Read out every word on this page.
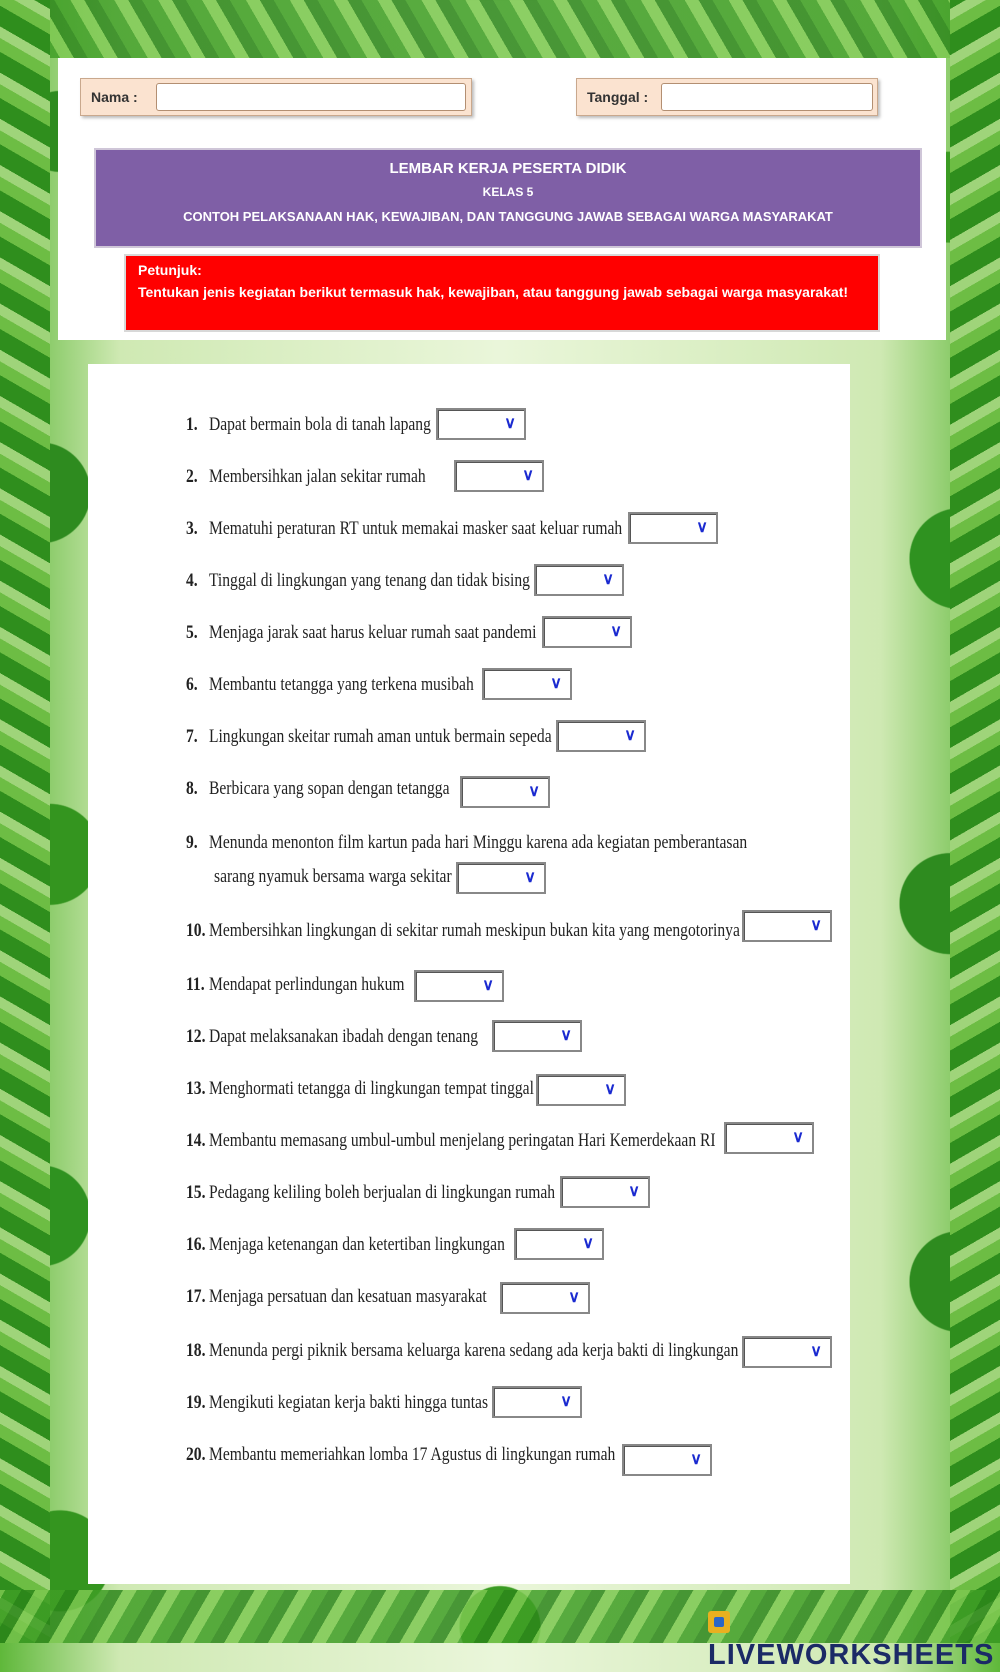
Nama :	Tanggal :
LEMBAR KERJA PESERTA DIDIK
KELAS 5
CONTOH PELAKSANAAN HAK, KEWAJIBAN, DAN TANGGUNG JAWAB SEBAGAI WARGA MASYARAKAT
Petunjuk:
Tentukan jenis kegiatan berikut termasuk hak, kewajiban, atau tanggung jawab sebagai warga masyarakat!
1. Dapat bermain bola di tanah lapang	∨
2. Membersihkan jalan sekitar rumah	∨
3. Mematuhi peraturan RT untuk memakai masker saat keluar rumah	∨
4. Tinggal di lingkungan yang tenang dan tidak bising	∨
5. Menjaga jarak saat harus keluar rumah saat pandemi	∨
6. Membantu tetangga yang terkena musibah	∨
7. Lingkungan skeitar rumah aman untuk bermain sepeda	∨
8. Berbicara yang sopan dengan tetangga	∨
9. Menunda menonton film kartun pada hari Minggu karena ada kegiatan pemberantasan
sarang nyamuk bersama warga sekitar	∨
10. Membersihkan lingkungan di sekitar rumah meskipun bukan kita yang mengotorinya	∨
11. Mendapat perlindungan hukum	∨
12. Dapat melaksanakan ibadah dengan tenang	∨
13. Menghormati tetangga di lingkungan tempat tinggal	∨
14. Membantu memasang umbul-umbul menjelang peringatan Hari Kemerdekaan RI	∨
15. Pedagang keliling boleh berjualan di lingkungan rumah	∨
16. Menjaga ketenangan dan ketertiban lingkungan	∨
17. Menjaga persatuan dan kesatuan masyarakat	∨
18. Menunda pergi piknik bersama keluarga karena sedang ada kerja bakti di lingkungan	∨
19. Mengikuti kegiatan kerja bakti hingga tuntas	∨
20. Membantu memeriahkan lomba 17 Agustus di lingkungan rumah	∨
LIVEWORKSHEETS
